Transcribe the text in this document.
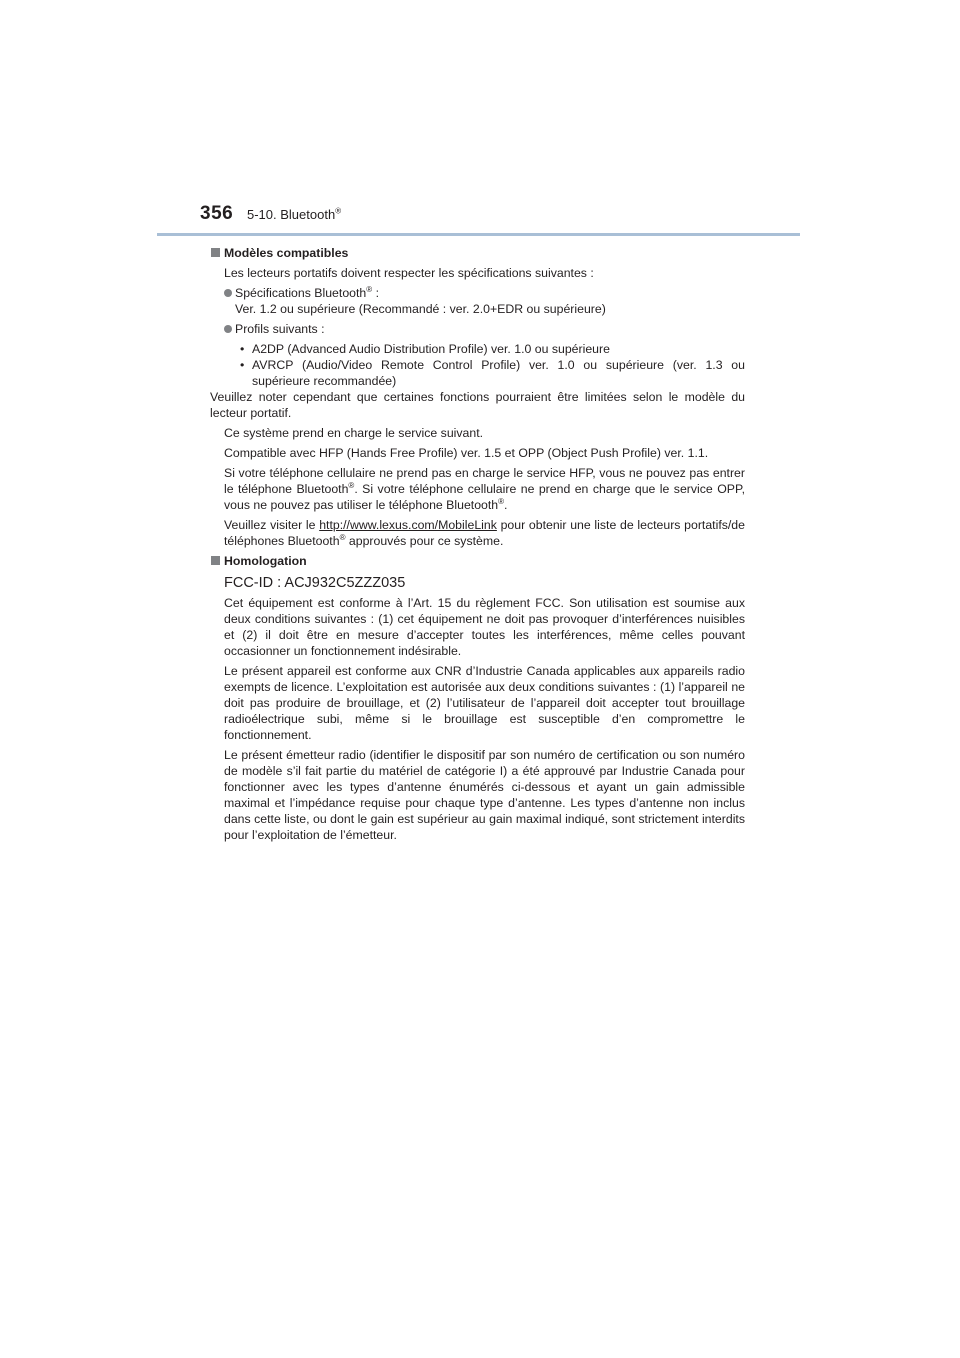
356 5-10. Bluetooth®
Modèles compatibles
Les lecteurs portatifs doivent respecter les spécifications suivantes :
Spécifications Bluetooth® :
Ver. 1.2 ou supérieure (Recommandé : ver. 2.0+EDR ou supérieure)
Profils suivants :
• A2DP (Advanced Audio Distribution Profile) ver. 1.0 ou supérieure
• AVRCP (Audio/Video Remote Control Profile) ver. 1.0 ou supérieure (ver. 1.3 ou supérieure recommandée)
Veuillez noter cependant que certaines fonctions pourraient être limitées selon le modèle du lecteur portatif.
Ce système prend en charge le service suivant.
Compatible avec HFP (Hands Free Profile) ver. 1.5 et OPP (Object Push Profile) ver. 1.1.
Si votre téléphone cellulaire ne prend pas en charge le service HFP, vous ne pouvez pas entrer le téléphone Bluetooth®. Si votre téléphone cellulaire ne prend en charge que le service OPP, vous ne pouvez pas utiliser le téléphone Bluetooth®.
Veuillez visiter le http://www.lexus.com/MobileLink pour obtenir une liste de lecteurs portatifs/de téléphones Bluetooth® approuvés pour ce système.
Homologation
FCC-ID : ACJ932C5ZZZ035
Cet équipement est conforme à l’Art. 15 du règlement FCC. Son utilisation est soumise aux deux conditions suivantes : (1) cet équipement ne doit pas provoquer d’interférences nuisibles et (2) il doit être en mesure d’accepter toutes les interférences, même celles pouvant occasionner un fonctionnement indésirable.
Le présent appareil est conforme aux CNR d’Industrie Canada applicables aux appareils radio exempts de licence. L’exploitation est autorisée aux deux conditions suivantes : (1) l’appareil ne doit pas produire de brouillage, et (2) l’utilisateur de l’appareil doit accepter tout brouillage radioélectrique subi, même si le brouillage est susceptible d’en compromettre le fonctionnement.
Le présent émetteur radio (identifier le dispositif par son numéro de certification ou son numéro de modèle s’il fait partie du matériel de catégorie I) a été approuvé par Industrie Canada pour fonctionner avec les types d’antenne énumérés ci-dessous et ayant un gain admissible maximal et l’impédance requise pour chaque type d’antenne. Les types d’antenne non inclus dans cette liste, ou dont le gain est supérieur au gain maximal indiqué, sont strictement interdits pour l’exploitation de l’émetteur.
